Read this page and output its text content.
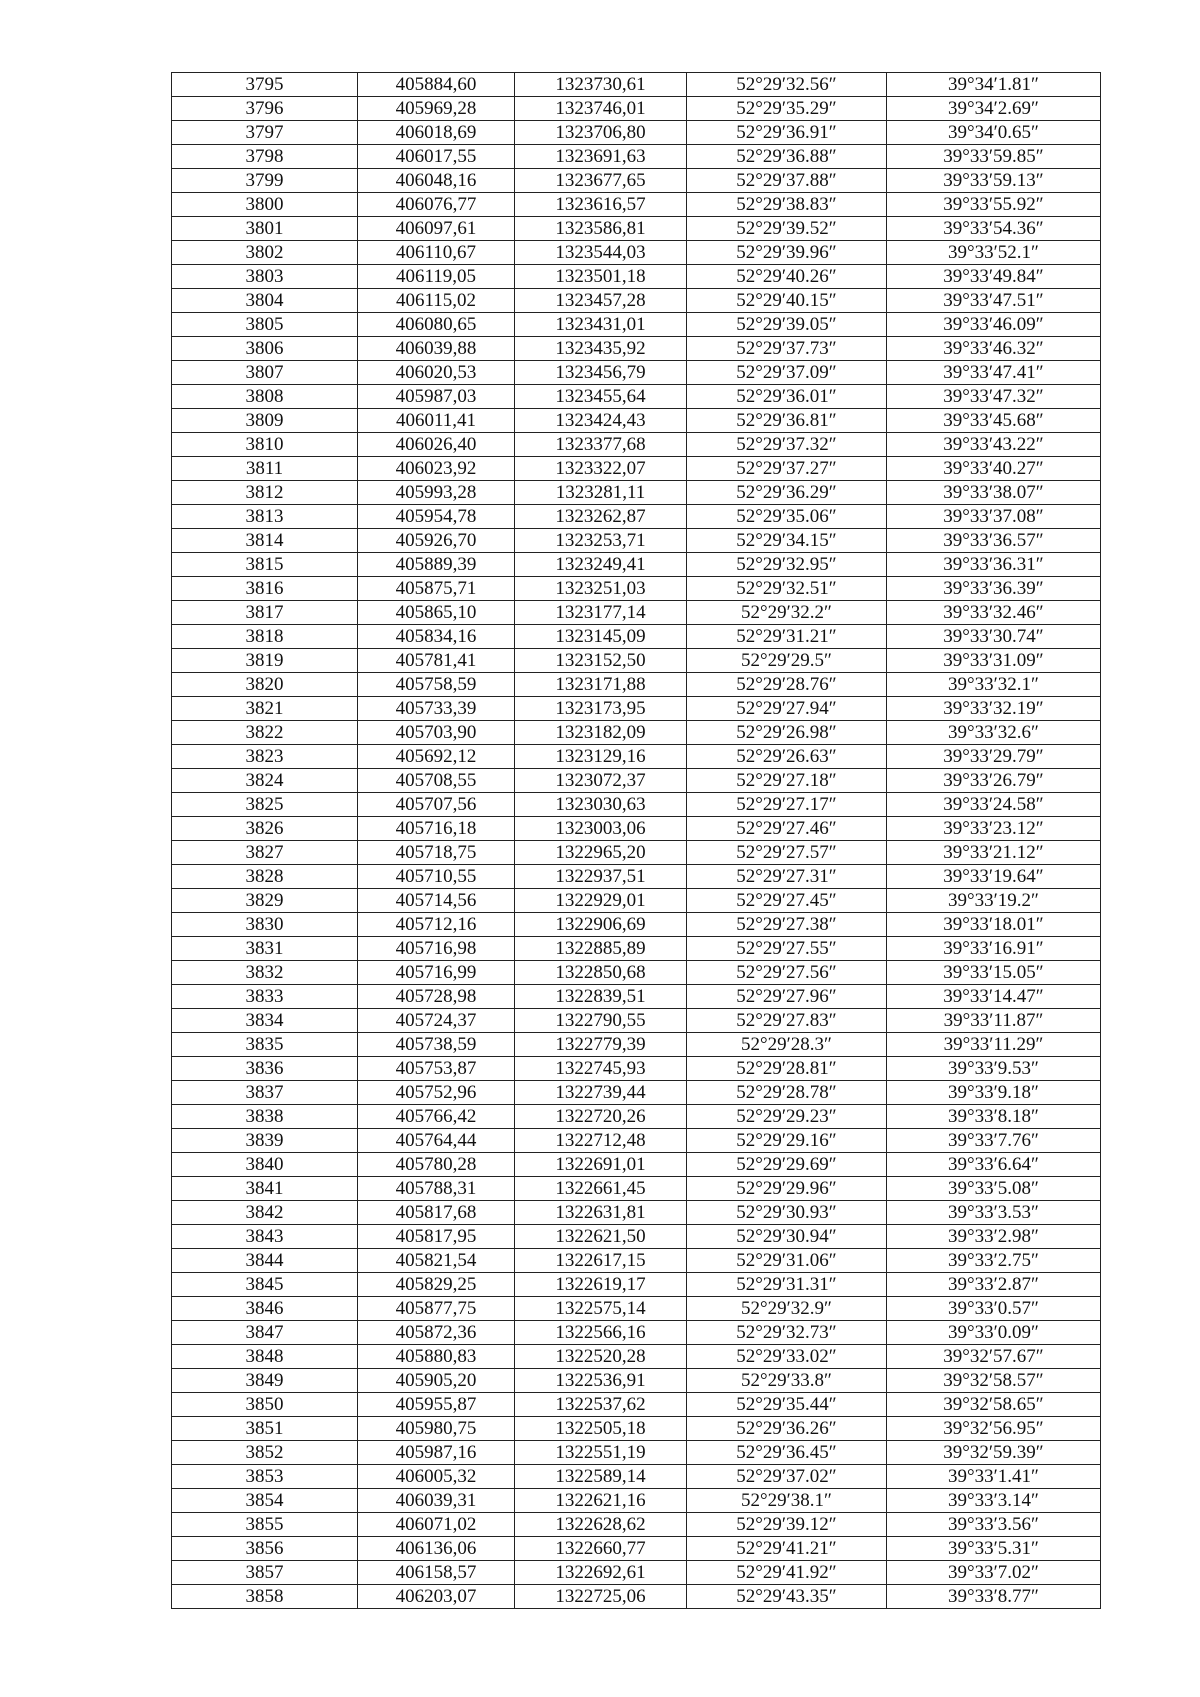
3795	405884,60	1323730,61	52°29′32.56″	39°34′1.81″
3796	405969,28	1323746,01	52°29′35.29″	39°34′2.69″
3797	406018,69	1323706,80	52°29′36.91″	39°34′0.65″
3798	406017,55	1323691,63	52°29′36.88″	39°33′59.85″
3799	406048,16	1323677,65	52°29′37.88″	39°33′59.13″
3800	406076,77	1323616,57	52°29′38.83″	39°33′55.92″
3801	406097,61	1323586,81	52°29′39.52″	39°33′54.36″
3802	406110,67	1323544,03	52°29′39.96″	39°33′52.1″
3803	406119,05	1323501,18	52°29′40.26″	39°33′49.84″
3804	406115,02	1323457,28	52°29′40.15″	39°33′47.51″
3805	406080,65	1323431,01	52°29′39.05″	39°33′46.09″
3806	406039,88	1323435,92	52°29′37.73″	39°33′46.32″
3807	406020,53	1323456,79	52°29′37.09″	39°33′47.41″
3808	405987,03	1323455,64	52°29′36.01″	39°33′47.32″
3809	406011,41	1323424,43	52°29′36.81″	39°33′45.68″
3810	406026,40	1323377,68	52°29′37.32″	39°33′43.22″
3811	406023,92	1323322,07	52°29′37.27″	39°33′40.27″
3812	405993,28	1323281,11	52°29′36.29″	39°33′38.07″
3813	405954,78	1323262,87	52°29′35.06″	39°33′37.08″
3814	405926,70	1323253,71	52°29′34.15″	39°33′36.57″
3815	405889,39	1323249,41	52°29′32.95″	39°33′36.31″
3816	405875,71	1323251,03	52°29′32.51″	39°33′36.39″
3817	405865,10	1323177,14	52°29′32.2″	39°33′32.46″
3818	405834,16	1323145,09	52°29′31.21″	39°33′30.74″
3819	405781,41	1323152,50	52°29′29.5″	39°33′31.09″
3820	405758,59	1323171,88	52°29′28.76″	39°33′32.1″
3821	405733,39	1323173,95	52°29′27.94″	39°33′32.19″
3822	405703,90	1323182,09	52°29′26.98″	39°33′32.6″
3823	405692,12	1323129,16	52°29′26.63″	39°33′29.79″
3824	405708,55	1323072,37	52°29′27.18″	39°33′26.79″
3825	405707,56	1323030,63	52°29′27.17″	39°33′24.58″
3826	405716,18	1323003,06	52°29′27.46″	39°33′23.12″
3827	405718,75	1322965,20	52°29′27.57″	39°33′21.12″
3828	405710,55	1322937,51	52°29′27.31″	39°33′19.64″
3829	405714,56	1322929,01	52°29′27.45″	39°33′19.2″
3830	405712,16	1322906,69	52°29′27.38″	39°33′18.01″
3831	405716,98	1322885,89	52°29′27.55″	39°33′16.91″
3832	405716,99	1322850,68	52°29′27.56″	39°33′15.05″
3833	405728,98	1322839,51	52°29′27.96″	39°33′14.47″
3834	405724,37	1322790,55	52°29′27.83″	39°33′11.87″
3835	405738,59	1322779,39	52°29′28.3″	39°33′11.29″
3836	405753,87	1322745,93	52°29′28.81″	39°33′9.53″
3837	405752,96	1322739,44	52°29′28.78″	39°33′9.18″
3838	405766,42	1322720,26	52°29′29.23″	39°33′8.18″
3839	405764,44	1322712,48	52°29′29.16″	39°33′7.76″
3840	405780,28	1322691,01	52°29′29.69″	39°33′6.64″
3841	405788,31	1322661,45	52°29′29.96″	39°33′5.08″
3842	405817,68	1322631,81	52°29′30.93″	39°33′3.53″
3843	405817,95	1322621,50	52°29′30.94″	39°33′2.98″
3844	405821,54	1322617,15	52°29′31.06″	39°33′2.75″
3845	405829,25	1322619,17	52°29′31.31″	39°33′2.87″
3846	405877,75	1322575,14	52°29′32.9″	39°33′0.57″
3847	405872,36	1322566,16	52°29′32.73″	39°33′0.09″
3848	405880,83	1322520,28	52°29′33.02″	39°32′57.67″
3849	405905,20	1322536,91	52°29′33.8″	39°32′58.57″
3850	405955,87	1322537,62	52°29′35.44″	39°32′58.65″
3851	405980,75	1322505,18	52°29′36.26″	39°32′56.95″
3852	405987,16	1322551,19	52°29′36.45″	39°32′59.39″
3853	406005,32	1322589,14	52°29′37.02″	39°33′1.41″
3854	406039,31	1322621,16	52°29′38.1″	39°33′3.14″
3855	406071,02	1322628,62	52°29′39.12″	39°33′3.56″
3856	406136,06	1322660,77	52°29′41.21″	39°33′5.31″
3857	406158,57	1322692,61	52°29′41.92″	39°33′7.02″
3858	406203,07	1322725,06	52°29′43.35″	39°33′8.77″
